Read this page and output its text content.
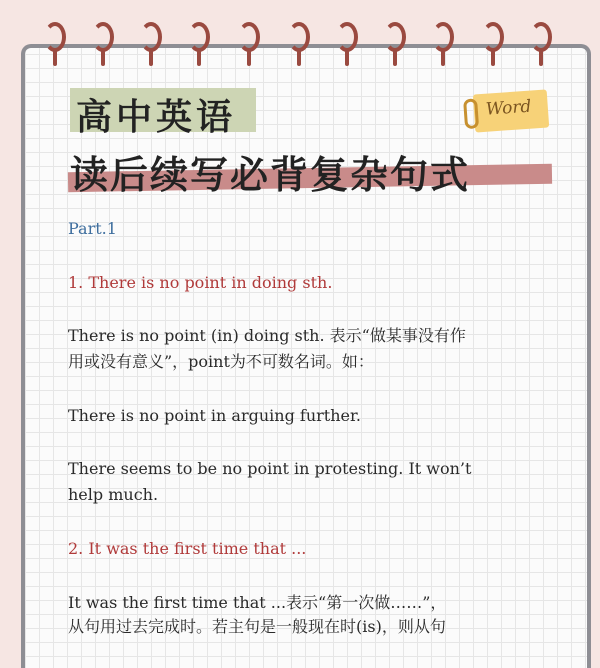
高中英语	Word
读后续写必背复杂句式
Part.1
1. There is no point in doing sth.
There is no point (in) doing sth. 表示“做某事没有作
用或没有意义”，point为不可数名词。如：
There is no point in arguing further.
There seems to be no point in protesting. It won’t
help much.
2. It was the first time that ...
It was the first time that ...表示“第一次做……”，
从句用过去完成时。若主句是一般现在时(is)，则从句
